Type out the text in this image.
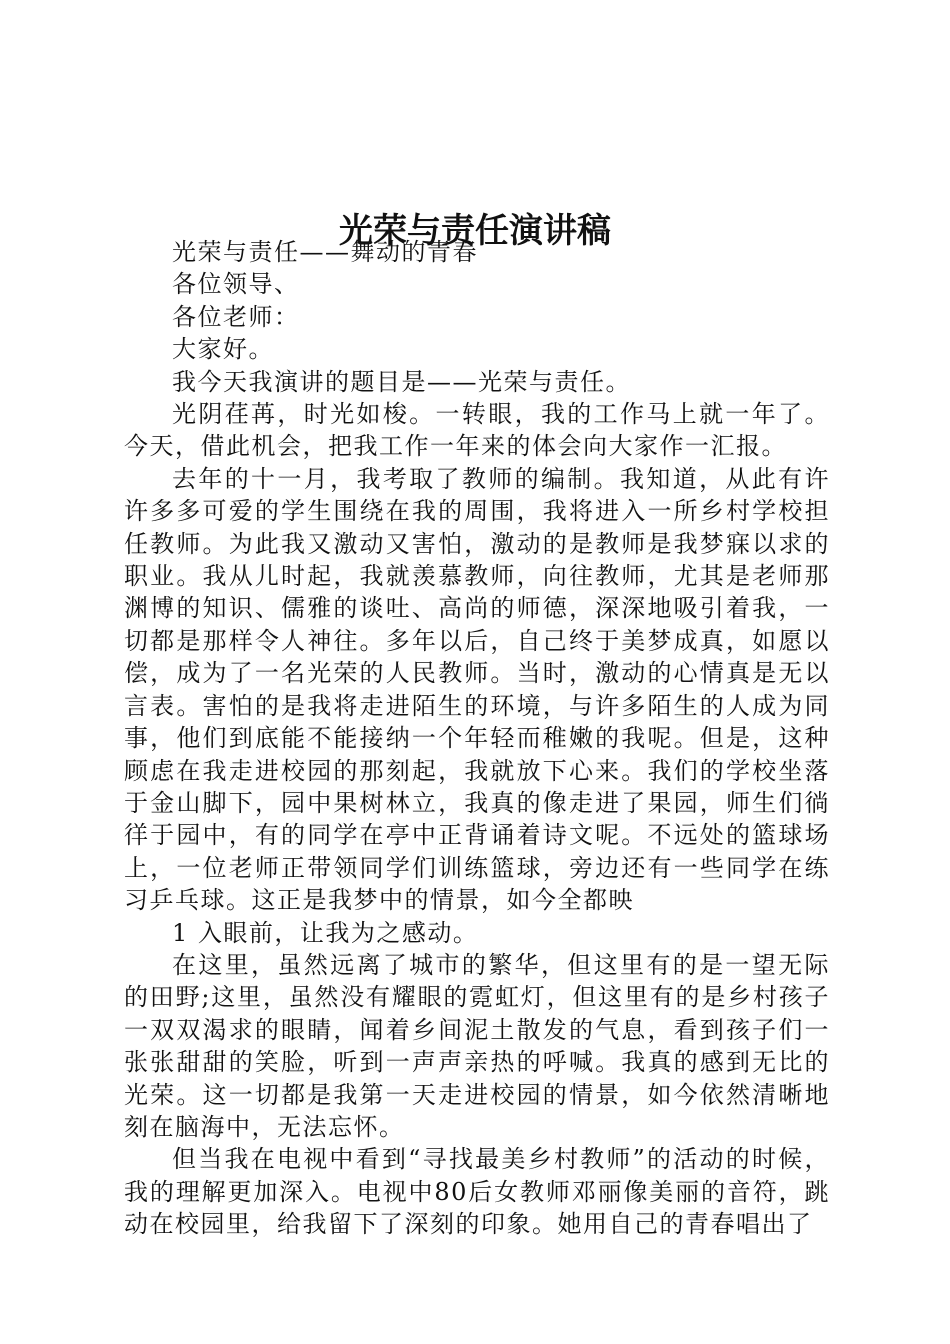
光荣与责任演讲稿

光荣与责任——舞动的青春

各位领导、

各位老师：

大家好。

我今天我演讲的题目是——光荣与责任。

光阴荏苒，时光如梭。一转眼，我的工作马上就一年了。今天，借此机会，把我工作一年来的体会向大家作一汇报。

去年的十一月，我考取了教师的编制。我知道，从此有许许多多可爱的学生围绕在我的周围，我将进入一所乡村学校担任教师。为此我又激动又害怕，激动的是教师是我梦寐以求的职业。我从儿时起，我就羡慕教师，向往教师，尤其是老师那渊博的知识、儒雅的谈吐、高尚的师德，深深地吸引着我，一切都是那样令人神往。多年以后，自己终于美梦成真，如愿以偿，成为了一名光荣的人民教师。当时，激动的心情真是无以言表。害怕的是我将走进陌生的环境，与许多陌生的人成为同事，他们到底能不能接纳一个年轻而稚嫩的我呢。但是，这种顾虑在我走进校园的那刻起，我就放下心来。我们的学校坐落于金山脚下，园中果树林立，我真的像走进了果园，师生们徜徉于园中，有的同学在亭中正背诵着诗文呢。不远处的篮球场上，一位老师正带领同学们训练篮球，旁边还有一些同学在练习乒乓球。这正是我梦中的情景，如今全都映

1 入眼前，让我为之感动。

在这里，虽然远离了城市的繁华，但这里有的是一望无际的田野;这里，虽然没有耀眼的霓虹灯，但这里有的是乡村孩子一双双渴求的眼睛，闻着乡间泥土散发的气息，看到孩子们一张张甜甜的笑脸，听到一声声亲热的呼喊。我真的感到无比的光荣。这一切都是我第一天走进校园的情景，如今依然清晰地刻在脑海中，无法忘怀。

但当我在电视中看到“寻找最美乡村教师”的活动的时候，我的理解更加深入。电视中80后女教师邓丽像美丽的音符，跳动在校园里，给我留下了深刻的印象。她用自己的青春唱出了
